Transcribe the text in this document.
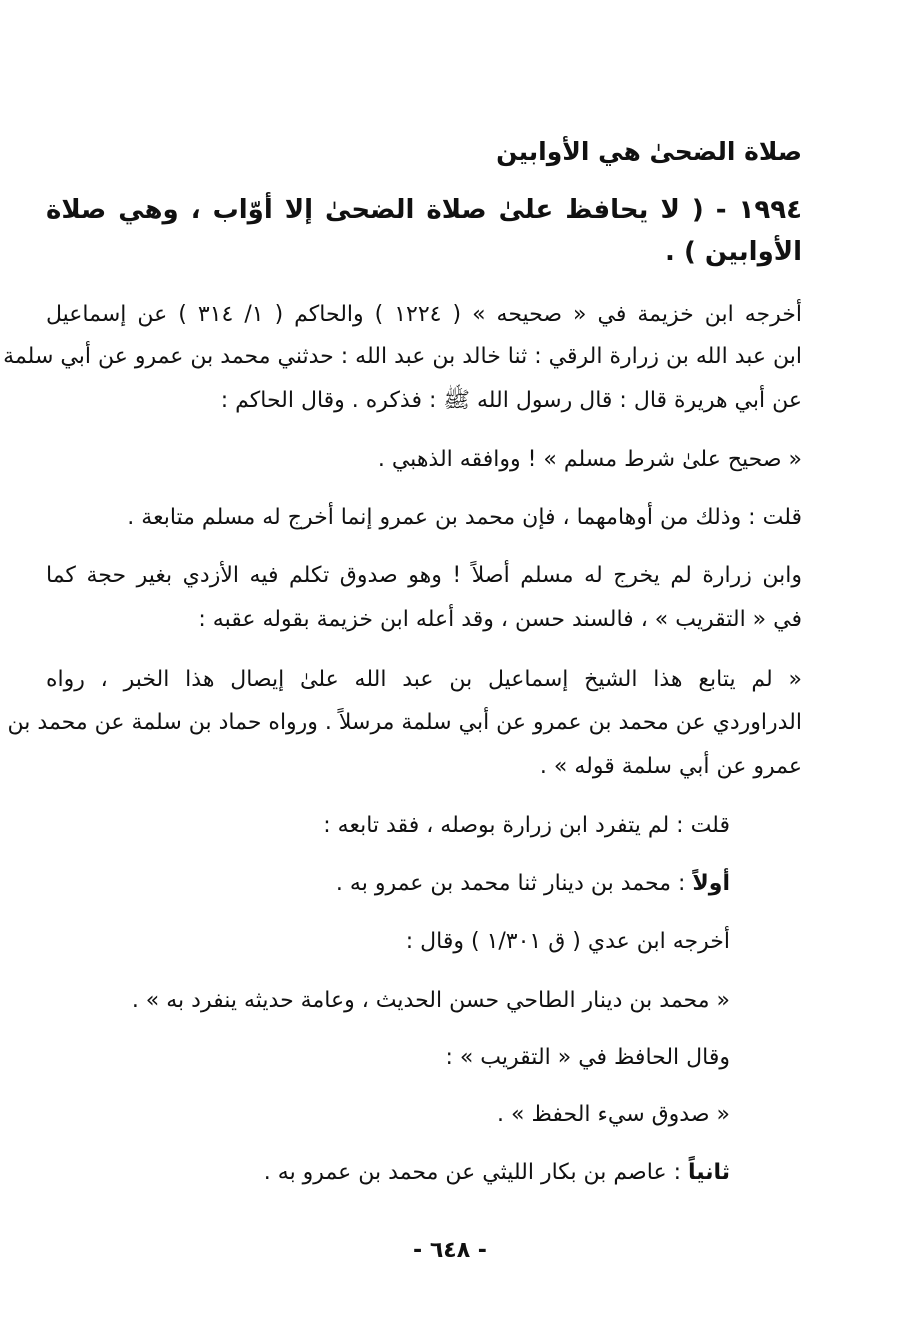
صلاة الضحىٰ هي الأوابين
١٩٩٤ - ( لا يحافظ علىٰ صلاة الضحىٰ إلا أوّاب ، وهي صلاة
الأوابين ) .
أخرجه ابن خزيمة في « صحيحه » ( ١٢٢٤ ) والحاكم ( ١/ ٣١٤ ) عن إسماعيل
ابن عبد الله بن زرارة الرقي : ثنا خالد بن عبد الله : حدثني محمد بن عمرو عن أبي سلمة
عن أبي هريرة قال : قال رسول الله ﷺ : فذكره . وقال الحاكم :
« صحيح علىٰ شرط مسلم » ! ووافقه الذهبي .
قلت : وذلك من أوهامهما ، فإن محمد بن عمرو إنما أخرج له مسلم متابعة .
وابن زرارة لم يخرج له مسلم أصلاً ! وهو صدوق تكلم فيه الأزدي بغير حجة كما
في « التقريب » ، فالسند حسن ، وقد أعله ابن خزيمة بقوله عقبه :
« لم يتابع هذا الشيخ إسماعيل بن عبد الله علىٰ إيصال هذا الخبر ، رواه
الدراوردي عن محمد بن عمرو عن أبي سلمة مرسلاً . ورواه حماد بن سلمة عن محمد بن
عمرو عن أبي سلمة قوله » .
قلت : لم يتفرد ابن زرارة بوصله ، فقد تابعه :
أولاً : محمد بن دينار ثنا محمد بن عمرو به .
أخرجه ابن عدي ( ق ١/٣٠١ ) وقال :
« محمد بن دينار الطاحي حسن الحديث ، وعامة حديثه ينفرد به » .
وقال الحافظ في « التقريب » :
« صدوق سيء الحفظ » .
ثانياً : عاصم بن بكار الليثي عن محمد بن عمرو به .
- ٦٤٨ -
